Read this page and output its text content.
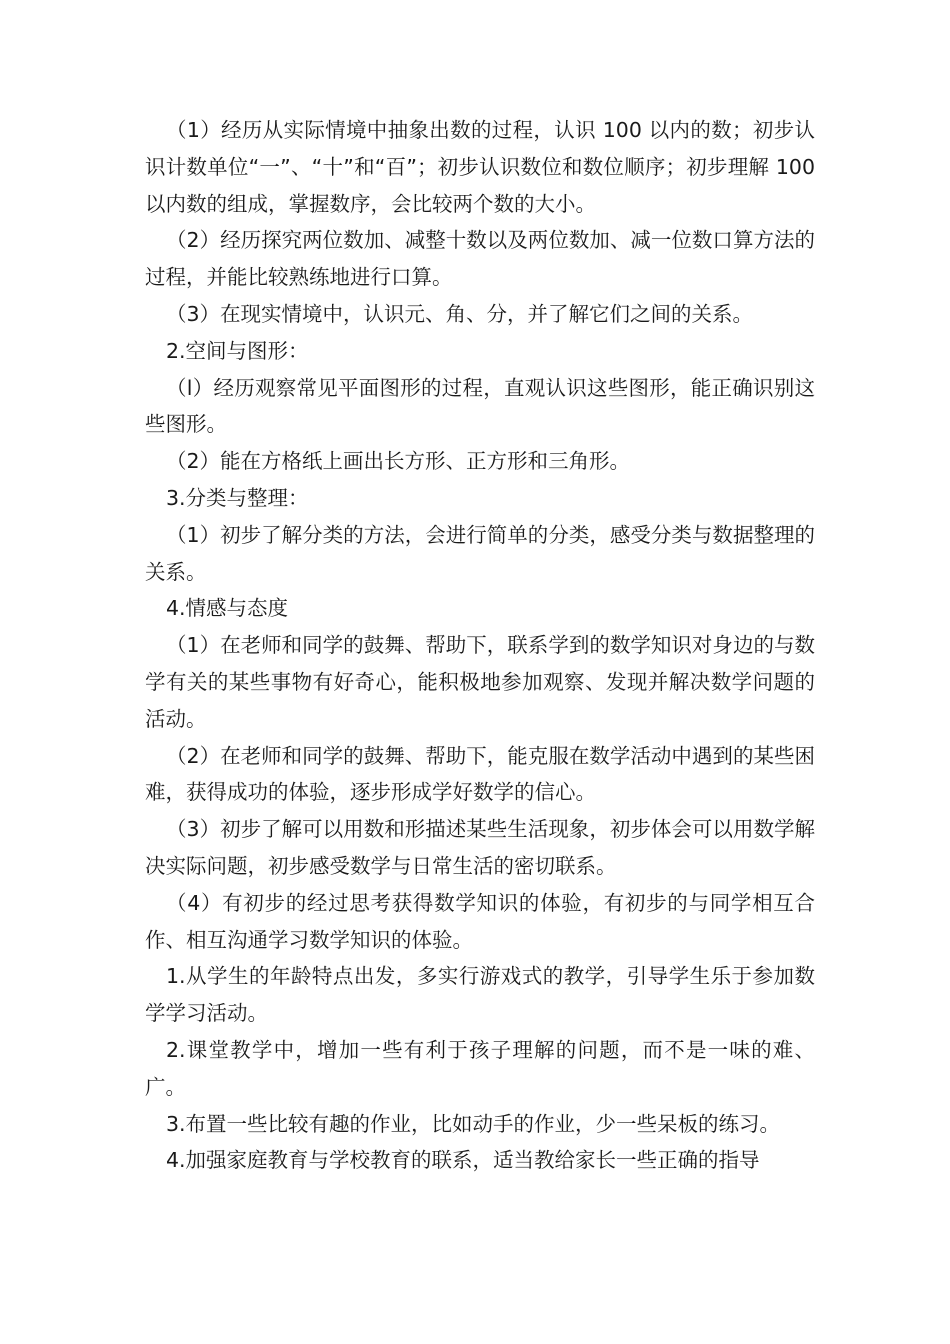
（1）经历从实际情境中抽象出数的过程，认识 100 以内的数；初步认识计数单位“一”、“十”和“百”；初步认识数位和数位顺序；初步理解 100 以内数的组成，掌握数序，会比较两个数的大小。

（2）经历探究两位数加、减整十数以及两位数加、减一位数口算方法的过程，并能比较熟练地进行口算。

（3）在现实情境中，认识元、角、分，并了解它们之间的关系。

2.空间与图形：

（l）经历观察常见平面图形的过程，直观认识这些图形，能正确识别这些图形。

（2）能在方格纸上画出长方形、正方形和三角形。

3.分类与整理：

（1）初步了解分类的方法，会进行简单的分类，感受分类与数据整理的关系。

4.情感与态度

（1）在老师和同学的鼓舞、帮助下，联系学到的数学知识对身边的与数学有关的某些事物有好奇心，能积极地参加观察、发现并解决数学问题的活动。

（2）在老师和同学的鼓舞、帮助下，能克服在数学活动中遇到的某些困难，获得成功的体验，逐步形成学好数学的信心。

（3）初步了解可以用数和形描述某些生活现象，初步体会可以用数学解决实际问题，初步感受数学与日常生活的密切联系。

（4）有初步的经过思考获得数学知识的体验，有初步的与同学相互合作、相互沟通学习数学知识的体验。

1.从学生的年龄特点出发，多实行游戏式的教学，引导学生乐于参加数学学习活动。

2.课堂教学中，增加一些有利于孩子理解的问题，而不是一味的难、广。

3.布置一些比较有趣的作业，比如动手的作业，少一些呆板的练习。

4.加强家庭教育与学校教育的联系，适当教给家长一些正确的指导
